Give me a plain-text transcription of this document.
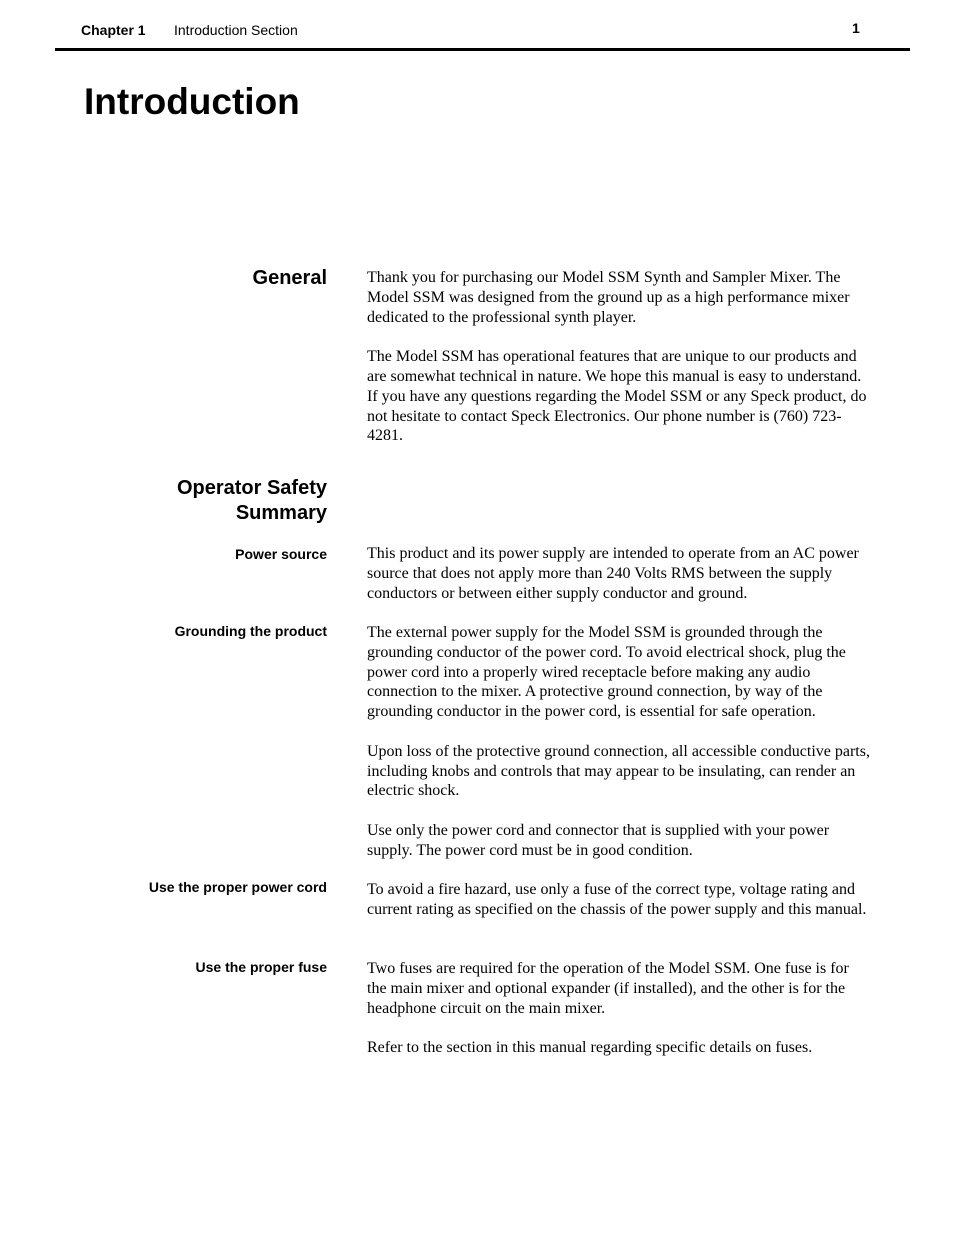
Chapter 1 Introduction Section	1
Introduction
General	Thank you for purchasing our Model SSM Synth and Sampler Mixer. The Model SSM was designed from the ground up as a high performance mixer dedicated to the professional synth player.

The Model SSM has operational features that are unique to our products and are somewhat technical in nature. We hope this manual is easy to understand. If you have any questions regarding the Model SSM or any Speck product, do not hesitate to contact Speck Electronics. Our phone number is (760) 723-4281.

Operator Safety
Summary
Power source	This product and its power supply are intended to operate from an AC power source that does not apply more than 240 Volts RMS between the supply conductors or between either supply conductor and ground.

Grounding the product	The external power supply for the Model SSM is grounded through the grounding conductor of the power cord. To avoid electrical shock, plug the power cord into a properly wired receptacle before making any audio connection to the mixer. A protective ground connection, by way of the grounding conductor in the power cord, is essential for safe operation.

Upon loss of the protective ground connection, all accessible conductive parts, including knobs and controls that may appear to be insulating, can render an electric shock.

Use only the power cord and connector that is supplied with your power supply. The power cord must be in good condition.

Use the proper power cord	To avoid a fire hazard, use only a fuse of the correct type, voltage rating and current rating as specified on the chassis of the power supply and this manual.

Use the proper fuse	Two fuses are required for the operation of the Model SSM. One fuse is for the main mixer and optional expander (if installed), and the other is for the headphone circuit on the main mixer.

Refer to the section in this manual regarding specific details on fuses.
